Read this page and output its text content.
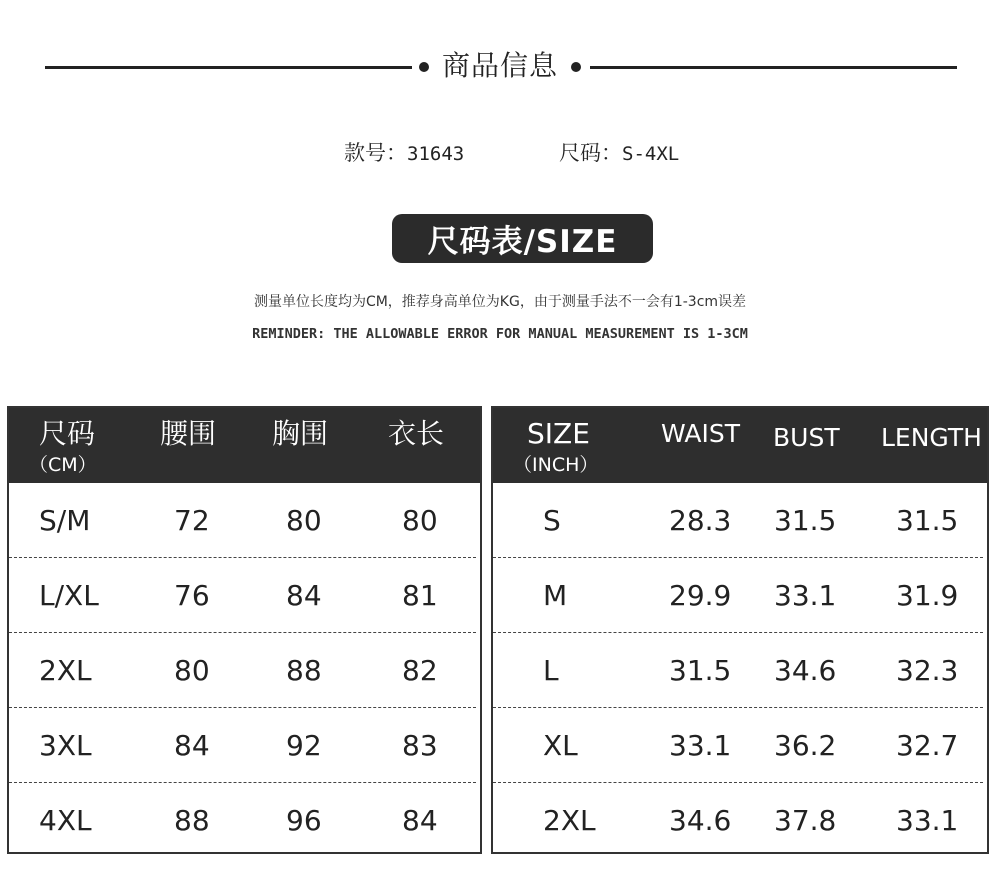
商品信息
款号：31643	尺码：S-4XL
尺码表/SIZE
测量单位长度均为CM，推荐身高单位为KG，由于测量手法不一会有1-3cm误差
REMINDER: THE ALLOWABLE ERROR FOR MANUAL MEASUREMENT IS 1-3CM
尺码
（CM）
腰围 胸围 衣长
S/M	72	80	80
L/XL	76	84	81
2XL	80	88	82
3XL	84	92	83
4XL	88	96	84
SIZE
（INCH）
WAIST BUST LENGTH
S	28.3 31.5 31.5
M	29.9 33.1 31.9
L	31.5 34.6 32.3
XL	33.1 36.2 32.7
2XL	34.6 37.8 33.1
